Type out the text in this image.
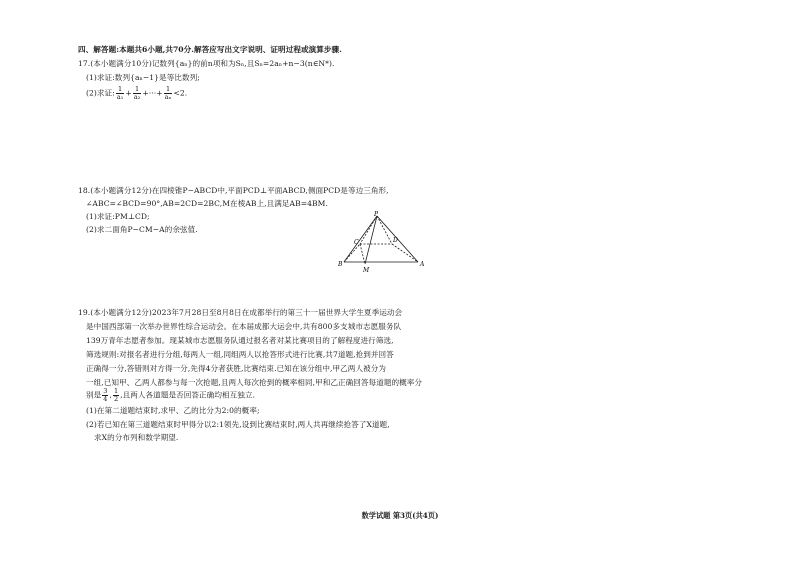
四、解答题:本题共6小题,共70分.解答应写出文字说明、证明过程或演算步骤.
17.(本小题满分10分)记数列{aₙ}的前n项和为Sₙ,且Sₙ=2aₙ+n−3(n∈N*).
(1)求证:数列{aₙ−1}是等比数列;
(2)求证: $\frac{1}{\text{a₁}} + \frac{1}{\text{a₂}}$ +···+ $\frac{1}{\text{aₙ}} <2$.
18.(本小题满分12分)在四棱锥P−ABCD中,平面PCD⊥平面ABCD,侧面PCD是等边三角形,
∠ABC=∠BCD=90°,AB=2CD=2BC,M在棱AB上,且满足AB=4BM.
(1)求证:PM⊥CD;
(2)求二面角P−CM−A的余弦值.
P
B	A
C	D
M
19.(本小题满分12分)2023年7月28日至8月8日在成都举行的第三十一届世界大学生夏季运动会
是中国西部第一次举办世界性综合运动会。在本届成都大运会中,共有800多支城市志愿服务队
139万青年志愿者参加。现某城市志愿服务队通过报名者对某比赛项目的了解程度进行筛选,
筛选规则:对报名者进行分组,每两人一组,同组两人以抢答形式进行比赛,共7道题,抢到并回答
正确得一分,答错则对方得一分,先得4分者获胜,比赛结束.已知在该分组中,甲乙两人被分为
一组,已知甲、乙两人都参与每一次抢题,且两人每次抢到的概率相同,甲和乙正确回答每道题的概率分
别是 $\frac{3}{4}$ , $\frac{1}{2}$ ,且两人各道题是否回答正确均相互独立.
(1)在第二道题结束时,求甲、乙的比分为2:0的概率;
(2)若已知在第三道题结束时甲得分以2:1领先,设到比赛结束时,两人共再继续抢答了X道题,
求X的分布列和数学期望.
数学试题 第3页(共4页)
